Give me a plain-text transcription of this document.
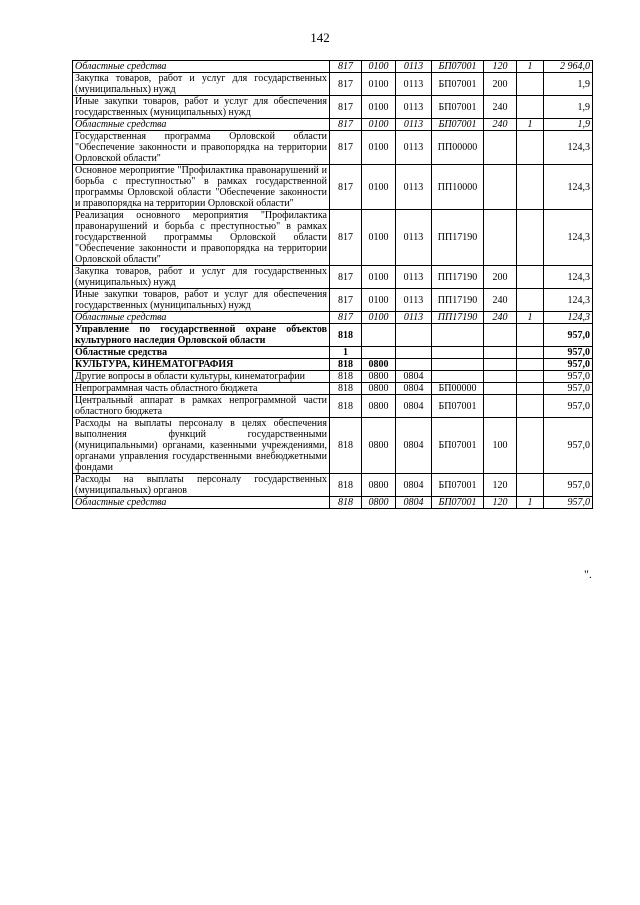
142
Областные средства	817	0100	0113	БП07001	120	1	2 964,0
Закупка товаров, работ и услуг для государственных (муниципальных) нужд	817	0100	0113	БП07001	200		1,9
Иные закупки товаров, работ и услуг для обеспечения государственных (муниципальных) нужд	817	0100	0113	БП07001	240		1,9
Областные средства	817	0100	0113	БП07001	240	1	1,9
Государственная программа Орловской области "Обеспечение законности и правопорядка на территории Орловской области"	817	0100	0113	ПП00000			124,3
Основное мероприятие "Профилактика правонарушений и борьба с преступностью" в рамках государственной программы Орловской области "Обеспечение законности и правопорядка на территории Орловской области"	817	0100	0113	ПП10000			124,3
Реализация основного мероприятия "Профилактика правонарушений и борьба с преступностью" в рамках государственной программы Орловской области "Обеспечение законности и правопорядка на территории Орловской области"	817	0100	0113	ПП17190			124,3
Закупка товаров, работ и услуг для государственных (муниципальных) нужд	817	0100	0113	ПП17190	200		124,3
Иные закупки товаров, работ и услуг для обеспечения государственных (муниципальных) нужд	817	0100	0113	ПП17190	240		124,3
Областные средства	817	0100	0113	ПП17190	240	1	124,3
Управление по государственной охране объектов культурного наследия Орловской области	818						957,0
Областные средства	1						957,0
КУЛЬТУРА, КИНЕМАТОГРАФИЯ	818	0800					957,0
Другие вопросы в области культуры, кинематографии	818	0800	0804				957,0
Непрограммная часть областного бюджета	818	0800	0804	БП00000			957,0
Центральный аппарат в рамках непрограммной части областного бюджета	818	0800	0804	БП07001			957,0
Расходы на выплаты персоналу в целях обеспечения выполнения функций государственными (муниципальными) органами, казенными учреждениями, органами управления государственными внебюджетными фондами	818	0800	0804	БП07001	100		957,0
Расходы на выплаты персоналу государственных (муниципальных) органов	818	0800	0804	БП07001	120		957,0
Областные средства	818	0800	0804	БП07001	120	1	957,0
".
